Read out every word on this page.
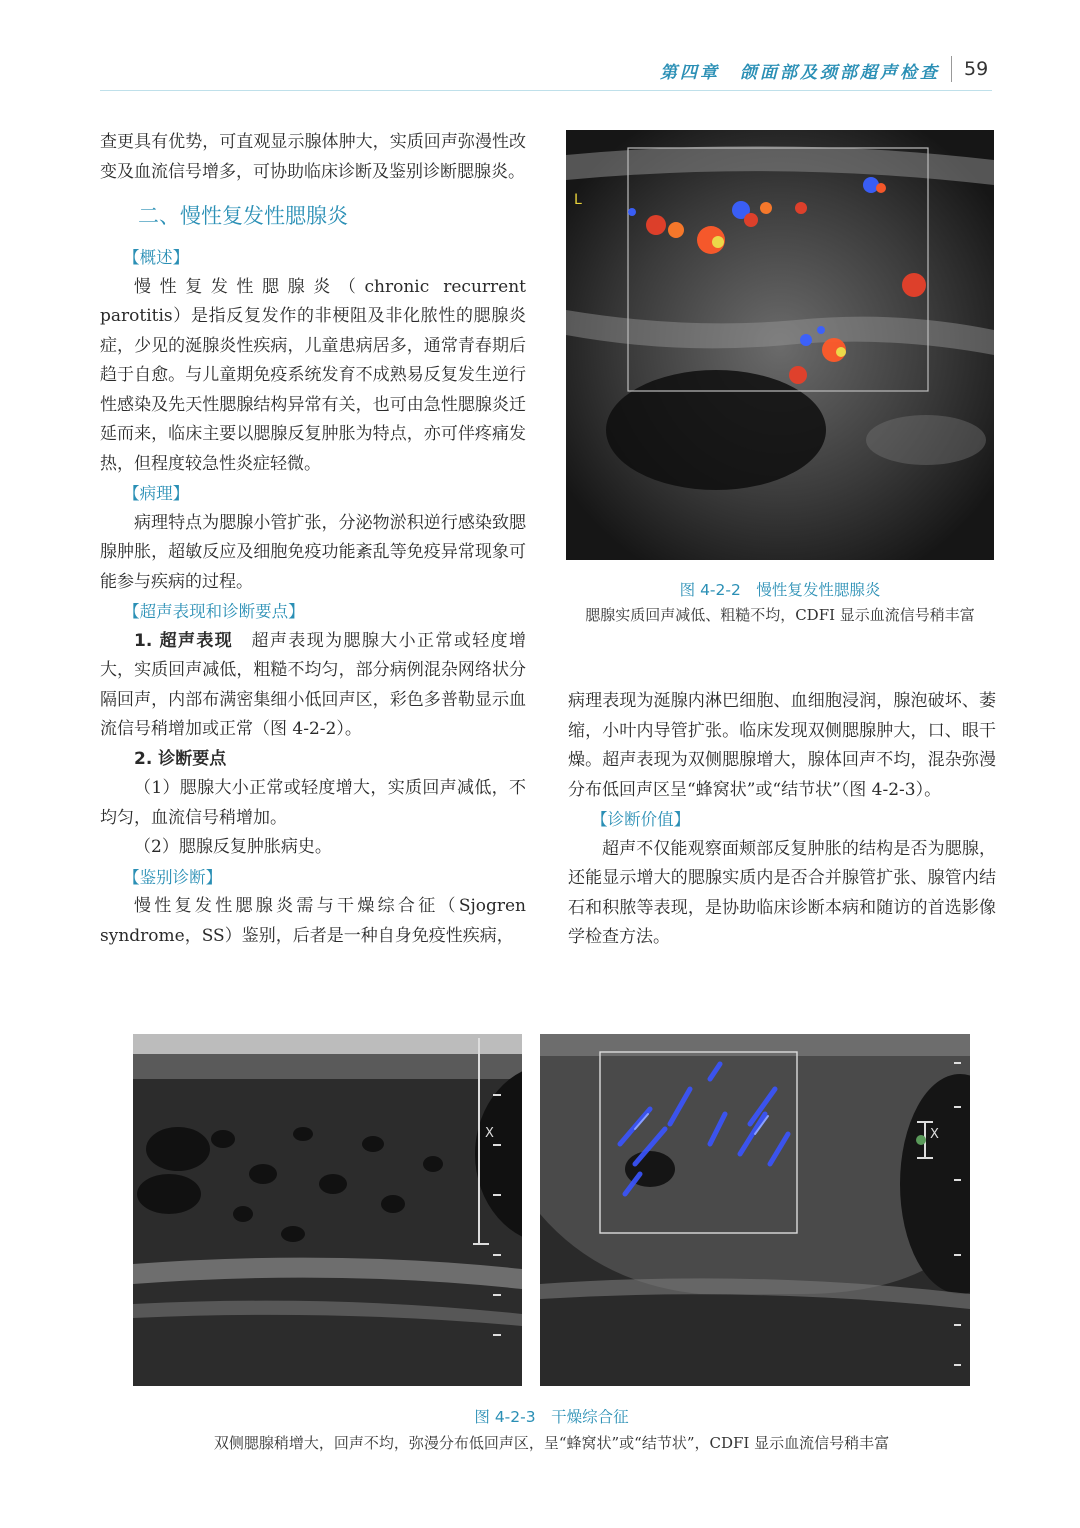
第四章　颌面部及颈部超声检查 59

查更具有优势，可直观显示腺体肿大，实质回声弥漫性改变及血流信号增多，可协助临床诊断及鉴别诊断腮腺炎。

二、慢性复发性腮腺炎
【概述】

慢性复发性腮腺炎（chronic recurrent parotitis）是指反复发作的非梗阻及非化脓性的腮腺炎症，少见的涎腺炎性疾病，儿童患病居多，通常青春期后趋于自愈。与儿童期免疫系统发育不成熟易反复发生逆行性感染及先天性腮腺结构异常有关，也可由急性腮腺炎迁延而来，临床主要以腮腺反复肿胀为特点，亦可伴疼痛发热，但程度较急性炎症轻微。

【病理】

病理特点为腮腺小管扩张，分泌物淤积逆行感染致腮腺肿胀，超敏反应及细胞免疫功能紊乱等免疫异常现象可能参与疾病的过程。

【超声表现和诊断要点】

1. 超声表现　 超声表现为腮腺大小正常或轻度增大，实质回声减低，粗糙不均匀，部分病例混杂网络状分隔回声，内部布满密集细小低回声区，彩色多普勒显示血流信号稍增加或正常（图 4-2-2）。

2. 诊断要点

（1）腮腺大小正常或轻度增大，实质回声减低，不均匀，血流信号稍增加。

（2）腮腺反复肿胀病史。

【鉴别诊断】

慢性复发性腮腺炎需与干燥综合征（Sjogren syndrome，SS）鉴别，后者是一种自身免疫性疾病，

L
图 4-2-2　慢性复发性腮腺炎
腮腺实质回声减低、粗糙不均，CDFI 显示血流信号稍丰富

病理表现为涎腺内淋巴细胞、血细胞浸润，腺泡破坏、萎缩，小叶内导管扩张。临床发现双侧腮腺肿大，口、眼干燥。超声表现为双侧腮腺增大，腺体回声不均，混杂弥漫分布低回声区呈“蜂窝状”或“结节状”（图 4-2-3）。

【诊断价值】

超声不仅能观察面颊部反复肿胀的结构是否为腮腺，还能显示增大的腮腺实质内是否合并腺管扩张、腺管内结石和积脓等表现，是协助临床诊断本病和随访的首选影像学检查方法。

X	X
图 4-2-3　干燥综合征
双侧腮腺稍增大，回声不均，弥漫分布低回声区，呈“蜂窝状”或“结节状”，CDFI 显示血流信号稍丰富
